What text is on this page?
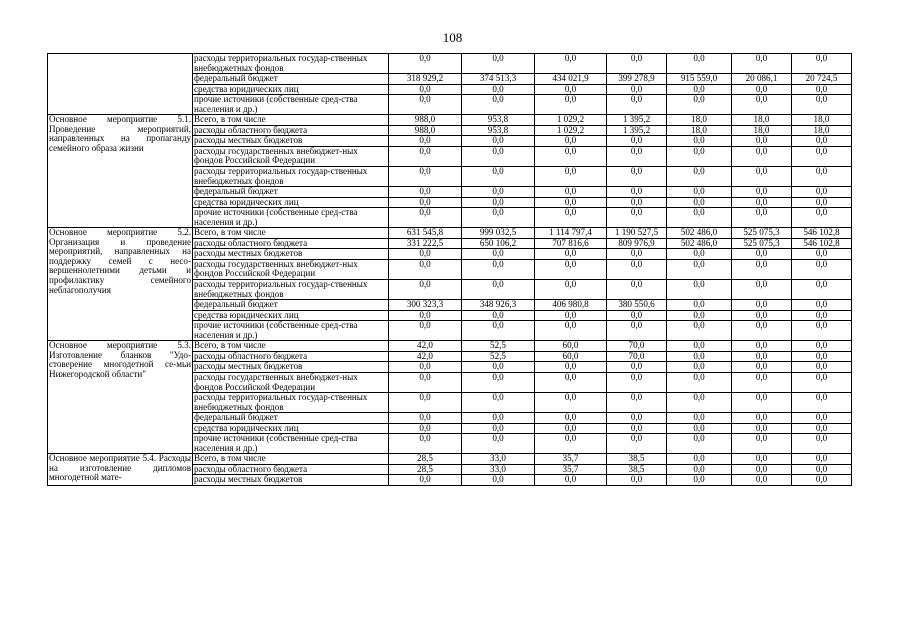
108
	расходы территориальных государ-ственных внебюджетных фондов	0,0	0,0	0,0	0,0	0,0	0,0	0,0
	федеральный бюджет	318 929,2	374 513,3	434 021,9	399 278,9	915 559,0	20 086,1	20 724,5
	средства юридических лиц	0,0	0,0	0,0	0,0	0,0	0,0	0,0
	прочие источники (собственные сред-ства населения и др.)	0,0	0,0	0,0	0,0	0,0	0,0	0,0
Основное мероприятие 5.1. Проведение мероприятий, направленных на пропаганду семейного образа жизни	Всего, в том числе	988,0	953,8	1 029,2	1 395,2	18,0	18,0	18,0
	расходы областного бюджета	988,0	953,8	1 029,2	1 395,2	18,0	18,0	18,0
	расходы местных бюджетов	0,0	0,0	0,0	0,0	0,0	0,0	0,0
	расходы государственных внебюджет-ных фондов Российской Федерации	0,0	0,0	0,0	0,0	0,0	0,0	0,0
	расходы территориальных государ-ственных внебюджетных фондов	0,0	0,0	0,0	0,0	0,0	0,0	0,0
	федеральный бюджет	0,0	0,0	0,0	0,0	0,0	0,0	0,0
	средства юридических лиц	0,0	0,0	0,0	0,0	0,0	0,0	0,0
	прочие источники (собственные сред-ства населения и др.)	0,0	0,0	0,0	0,0	0,0	0,0	0,0
Основное мероприятие 5.2. Организация и проведение мероприятий, направленных на поддержку семей с несо-вершеннолетними детьми и профилактику семейного неблагополучия	Всего, в том числе	631 545,8	999 032,5	1 114 797,4	1 190 527,5	502 486,0	525 075,3	546 102,8
	расходы областного бюджета	331 222,5	650 106,2	707 816,6	809 976,9	502 486,0	525 075,3	546 102,8
	расходы местных бюджетов	0,0	0,0	0,0	0,0	0,0	0,0	0,0
	расходы государственных внебюджет-ных фондов Российской Федерации	0,0	0,0	0,0	0,0	0,0	0,0	0,0
	расходы территориальных государ-ственных внебюджетных фондов	0,0	0,0	0,0	0,0	0,0	0,0	0,0
	федеральный бюджет	300 323,3	348 926,3	406 980,8	380 550,6	0,0	0,0	0,0
	средства юридических лиц	0,0	0,0	0,0	0,0	0,0	0,0	0,0
	прочие источники (собственные сред-ства населения и др.)	0,0	0,0	0,0	0,0	0,0	0,0	0,0
Основное мероприятие 5.3. Изготовление бланков "Удо-стоверение многодетной се-мьи Нижегородской области"	Всего, в том числе	42,0	52,5	60,0	70,0	0,0	0,0	0,0
	расходы областного бюджета	42,0	52,5	60,0	70,0	0,0	0,0	0,0
	расходы местных бюджетов	0,0	0,0	0,0	0,0	0,0	0,0	0,0
	расходы государственных внебюджет-ных фондов Российской Федерации	0,0	0,0	0,0	0,0	0,0	0,0	0,0
	расходы территориальных государ-ственных внебюджетных фондов	0,0	0,0	0,0	0,0	0,0	0,0	0,0
	федеральный бюджет	0,0	0,0	0,0	0,0	0,0	0,0	0,0
	средства юридических лиц	0,0	0,0	0,0	0,0	0,0	0,0	0,0
	прочие источники (собственные сред-ства населения и др.)	0,0	0,0	0,0	0,0	0,0	0,0	0,0
Основное мероприятие 5.4. Расходы на изготовление дипломов многодетной мате-	Всего, в том числе	28,5	33,0	35,7	38,5	0,0	0,0	0,0
	расходы областного бюджета	28,5	33,0	35,7	38,5	0,0	0,0	0,0
	расходы местных бюджетов	0,0	0,0	0,0	0,0	0,0	0,0	0,0
